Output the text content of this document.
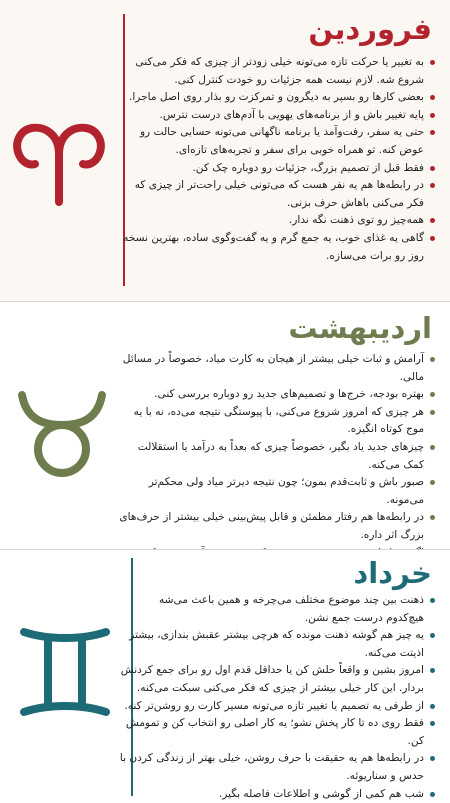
فروردین
به تغییر یا حرکت تازه می‌تونه خیلی زودتر از چیزی که فکر می‌کنی شروع شه. لازم نیست همه جزئیات رو خودت کنترل کنی.
بعضی کارها رو بسپر به دیگرون و تمرکزت رو بذار روی اصل ماجرا.
پایه تغییر باش و از برنامه‌های یهویی با آدم‌های درست نترس.
حتی یه سفر، رفت‌وآمد یا برنامه ناگهانی می‌تونه حسابی حالت رو عوض کنه. تو همراه خوبی برای سفر و تجربه‌های تازه‌ای.
فقط قبل از تصمیم بزرگ، جزئیات رو دوباره چک کن.
در رابطه‌ها هم یه نفر هست که می‌تونی خیلی راحت‌تر از چیزی که فکر می‌کنی باهاش حرف بزنی.
همه‌چیز رو توی ذهنت نگه ندار.
گاهی یه غذای خوب، یه جمع گرم و یه گفت‌وگوی ساده، بهترین نسخه روز رو برات می‌سازه.
اردیبهشت
آرامش و ثبات خیلی بیشتر از هیجان به کارت میاد، خصوصاً در مسائل مالی.
بهتره بودجه، خرج‌ها و تصمیم‌های جدید رو دوباره بررسی کنی.
هر چیزی که امروز شروع می‌کنی، با پیوستگی نتیجه می‌ده، نه با یه موج کوتاه انگیزه.
چیزهای جدید یاد بگیر، خصوصاً چیزی که بعداً به درآمد یا استقلالت کمک می‌کنه.
صبور باش و ثابت‌قدم بمون؛ چون نتیجه دیرتر میاد ولی محکم‌تر می‌مونه.
در رابطه‌ها هم رفتار مطمئن و قابل پیش‌بینی خیلی بیشتر از حرف‌های بزرگ اثر داره.
خرداد
ذهنت بین چند موضوع مختلف می‌چرخه و همین باعث می‌شه هیچ‌کدوم درست جمع نشن.
یه چیز هم گوشه ذهنت مونده که هرچی بیشتر عقبش بندازی، بیشتر اذیتت می‌کنه.
امروز بشین و واقعاً حلش کن یا حداقل قدم اول رو برای جمع کردنش بردار. این کار خیلی بیشتر از چیزی که فکر می‌کنی سبکت می‌کنه.
از طرفی یه تصمیم یا تغییر تازه می‌تونه مسیر کارت رو روشن‌تر کنه.
فقط روی ده تا کار پخش نشو؛ یه کار اصلی رو انتخاب کن و تمومش کن.
در رابطه‌ها هم یه حقیقت با حرف روشن، خیلی بهتر از زندگی کردن با حدس و سناریوئه.
شب هم کمی از گوشی و اطلاعات فاصله بگیر.
